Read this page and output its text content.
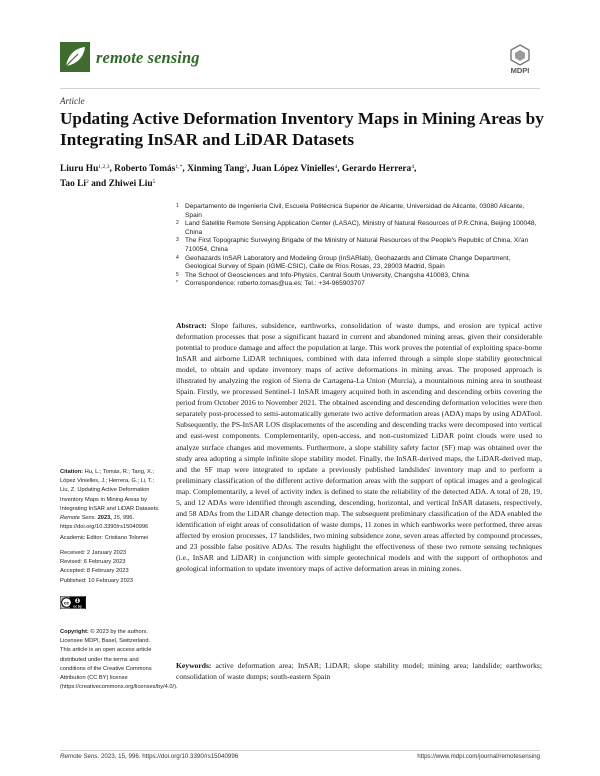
remote sensing
MDPI
Article
Updating Active Deformation Inventory Maps in Mining Areas by Integrating InSAR and LiDAR Datasets
Liuru Hu$^{1,2,3}$, Roberto Tomás$^{1,*}$, Xinming Tang$^2$, Juan López Vinielles$^4$, Gerardo Herrera$^4$,
Tao Li$^2$ and Zhiwei Liu$^5$
1 Departamento de Ingeniería Civil, Escuela Politécnica Superior de Alicante, Universidad de Alicante, 03080 Alicante, Spain
2 Land Satellite Remote Sensing Application Center (LASAC), Ministry of Natural Resources of P.R.China, Beijing 100048, China
3 The First Topographic Surveying Brigade of the Ministry of Natural Resources of the People's Republic of China, Xi'an 710054, China
4 Geohazards InSAR Laboratory and Modeling Group (InSARlab), Geohazards and Climate Change Department, Geological Survey of Spain (IGME-CSIC), Calle de Ríos Rosas, 23, 28003 Madrid, Spain
5 The School of Geosciences and Info-Physics, Central South University, Changsha 410083, China
* Correspondence: roberto.tomas@ua.es; Tel.: +34-965903707
Abstract: Slope failures, subsidence, earthworks, consolidation of waste dumps, and erosion are typical active deformation processes that pose a significant hazard in current and abandoned mining areas, given their considerable potential to produce damage and affect the population at large. This work proves the potential of exploiting space-borne InSAR and airborne LiDAR techniques, combined with data inferred through a simple slope stability geotechnical model, to obtain and update inventory maps of active deformations in mining areas. The proposed approach is illustrated by analyzing the region of Sierra de Cartagena-La Union (Murcia), a mountainous mining area in southeast Spain. Firstly, we processed Sentinel-1 InSAR imagery acquired both in ascending and descending orbits covering the period from October 2016 to November 2021. The obtained ascending and descending deformation velocities were then separately post-processed to semi-automatically generate two active deformation areas (ADA) maps by using ADATool. Subsequently, the PS-InSAR LOS displacements of the ascending and descending tracks were decomposed into vertical and east-west components. Complementarily, open-access, and non-customized LiDAR point clouds were used to analyze surface changes and movements. Furthermore, a slope stability safety factor (SF) map was obtained over the study area adopting a simple infinite slope stability model. Finally, the InSAR-derived maps, the LiDAR-derived map, and the SF map were integrated to update a previously published landslides' inventory map and to perform a preliminary classification of the different active deformation areas with the support of optical images and a geological map. Complementarily, a level of activity index is defined to state the reliability of the detected ADA. A total of 28, 19, 5, and 12 ADAs were identified through ascending, descending, horizontal, and vertical InSAR datasets, respectively, and 58 ADAs from the LiDAR change detection map. The subsequent preliminary classification of the ADA enabled the identification of eight areas of consolidation of waste dumps, 11 zones in which earthworks were performed, three areas affected by erosion processes, 17 landslides, two mining subsidence zone, seven areas affected by compound processes, and 23 possible false positive ADAs. The results highlight the effectiveness of these two remote sensing techniques (i.e., InSAR and LiDAR) in conjunction with simple geotechnical models and with the support of orthophotos and geological information to update inventory maps of active deformation areas in mining zones.
Keywords: active deformation area; InSAR; LiDAR; slope stability model; mining area; landslide; earthworks; consolidation of waste dumps; south-eastern Spain
Citation: Hu, L.; Tomás, R.; Tang, X.; López Vinielles, J.; Herrera, G.; Li, T.; Liu, Z. Updating Active Deformation Inventory Maps in Mining Areas by Integrating InSAR and LiDAR Datasets. Remote Sens. 2023, 15, 996. https://doi.org/10.3390/rs15040996
Academic Editor: Cristiano Tolomei
Received: 2 January 2023
Revised: 6 February 2023
Accepted: 8 February 2023
Published: 10 February 2023
cc cc by
Copyright: © 2023 by the authors. Licensee MDPI, Basel, Switzerland. This article is an open access article distributed under the terms and conditions of the Creative Commons Attribution (CC BY) license (https://creativecommons.org/licenses/by/4.0/).
Remote Sens. 2023, 15, 996. https://doi.org/10.3390/rs15040996	https://www.mdpi.com/journal/remotesensing
